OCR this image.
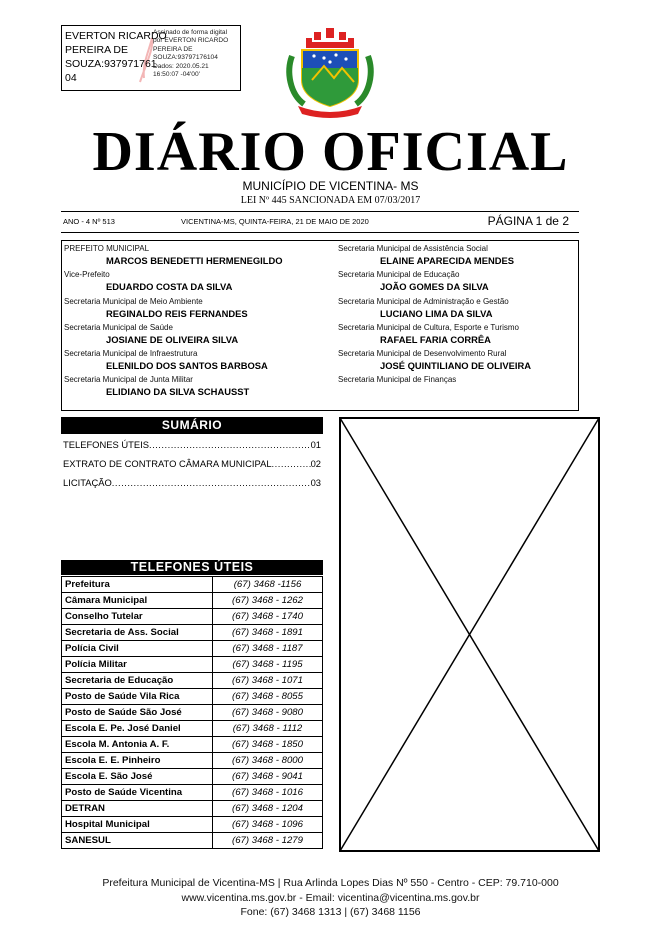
EVERTON RICARDO
PEREIRA DE
SOUZA:937971761
04
Assinado de forma digital
por EVERTON RICARDO
PEREIRA DE
SOUZA:93797176104
Dados: 2020.05.21
16:50:07 -04'00'
DIÁRIO OFICIAL
MUNICÍPIO DE VICENTINA- MS
LEI Nº 445 SANCIONADA EM 07/03/2017
ANO - 4 Nº 513	VICENTINA-MS, QUINTA-FEIRA, 21 DE MAIO DE 2020	PÁGINA 1 de 2
PREFEITO MUNICIPAL
MARCOS BENEDETTI HERMENEGILDO
Vice-Prefeito
EDUARDO COSTA DA SILVA
Secretaria Municipal de Meio Ambiente
REGINALDO REIS FERNANDES
Secretaria Municipal de Saúde
JOSIANE DE OLIVEIRA SILVA
Secretaria Municipal de Infraestrutura
ELENILDO DOS SANTOS BARBOSA
Secretaria Municipal de Junta Militar
ELIDIANO DA SILVA SCHAUSST
Secretaria Municipal de Assistência Social
ELAINE APARECIDA MENDES
Secretaria Municipal de Educação
JOÃO GOMES DA SILVA
Secretaria Municipal de Administração e Gestão
LUCIANO LIMA DA SILVA
Secretaria Municipal de Cultura, Esporte e Turismo
RAFAEL FARIA CORRÊA
Secretaria Municipal de Desenvolvimento Rural
JOSÉ QUINTILIANO DE OLIVEIRA
Secretaria Municipal de Finanças
SUMÁRIO
TELEFONES ÚTEIS .....	01
EXTRATO DE CONTRATO CÂMARA MUNICIPAL .....	02
LICITAÇÃO .....	03
TELEFONES ÚTEIS
Prefeitura	(67) 3468 -1156
Câmara Municipal	(67) 3468 - 1262
Conselho Tutelar	(67) 3468 - 1740
Secretaria de Ass. Social	(67) 3468 - 1891
Polícia Civil	(67) 3468 - 1187
Polícia Militar	(67) 3468 - 1195
Secretaria de Educação	(67) 3468 - 1071
Posto de Saúde Vila Rica	(67) 3468 - 8055
Posto de Saúde São José	(67) 3468 - 9080
Escola E. Pe. José Daniel	(67) 3468 - 1112
Escola M. Antonia A. F.	(67) 3468 - 1850
Escola E. E. Pinheiro	(67) 3468 - 8000
Escola E. São José	(67) 3468 - 9041
Posto de Saúde Vicentina	(67) 3468 - 1016
DETRAN	(67) 3468 - 1204
Hospital Municipal	(67) 3468 - 1096
SANESUL	(67) 3468 - 1279
Prefeitura Municipal de Vicentina-MS | Rua Arlinda Lopes Dias Nº 550 - Centro - CEP: 79.710-000
www.vicentina.ms.gov.br - Email: vicentina@vicentina.ms.gov.br
Fone: (67) 3468 1313 | (67) 3468 1156
